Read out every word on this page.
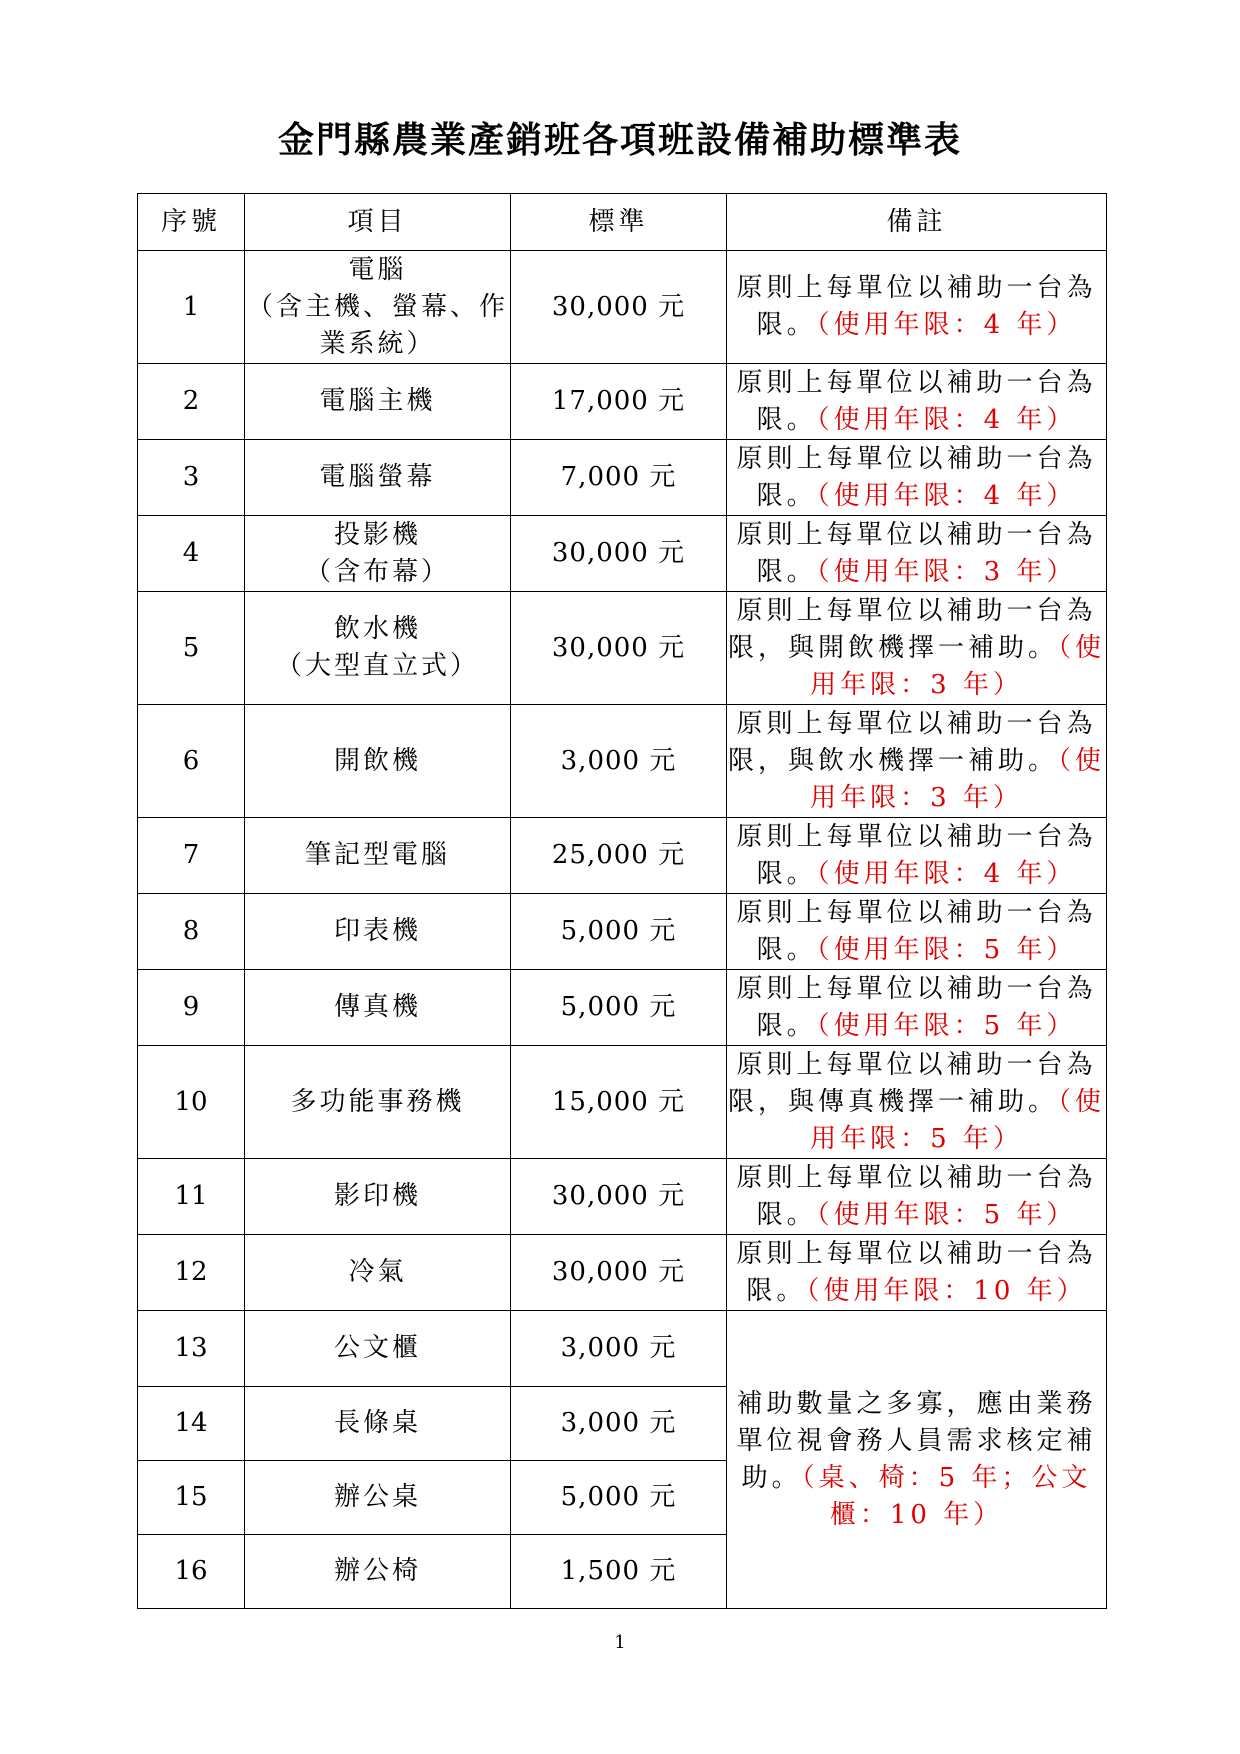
金門縣農業產銷班各項班設備補助標準表
序號	項目	標準	備註
1	電腦
（含主機、螢幕、作業系統）	30,000 元	原則上每單位以補助一台為限。（使用年限：4 年）
2	電腦主機	17,000 元	原則上每單位以補助一台為限。（使用年限：4 年）
3	電腦螢幕	7,000 元	原則上每單位以補助一台為限。（使用年限：4 年）
4	投影機
（含布幕）	30,000 元	原則上每單位以補助一台為限。（使用年限：3 年）
5	飲水機
（大型直立式）	30,000 元	原則上每單位以補助一台為限，與開飲機擇一補助。（使用年限：3 年）
6	開飲機	3,000 元	原則上每單位以補助一台為限，與飲水機擇一補助。（使用年限：3 年）
7	筆記型電腦	25,000 元	原則上每單位以補助一台為限。（使用年限：4 年）
8	印表機	5,000 元	原則上每單位以補助一台為限。（使用年限：5 年）
9	傳真機	5,000 元	原則上每單位以補助一台為限。（使用年限：5 年）
10	多功能事務機	15,000 元	原則上每單位以補助一台為限，與傳真機擇一補助。（使用年限：5 年）
11	影印機	30,000 元	原則上每單位以補助一台為限。（使用年限：5 年）
12	冷氣	30,000 元	原則上每單位以補助一台為限。（使用年限：10 年）
13	公文櫃	3,000 元	補助數量之多寡，應由業務單位視會務人員需求核定補助。（桌、椅：5 年；公文櫃：10 年）
14	長條桌	3,000 元	
15	辦公桌	5,000 元	
16	辦公椅	1,500 元	
1
